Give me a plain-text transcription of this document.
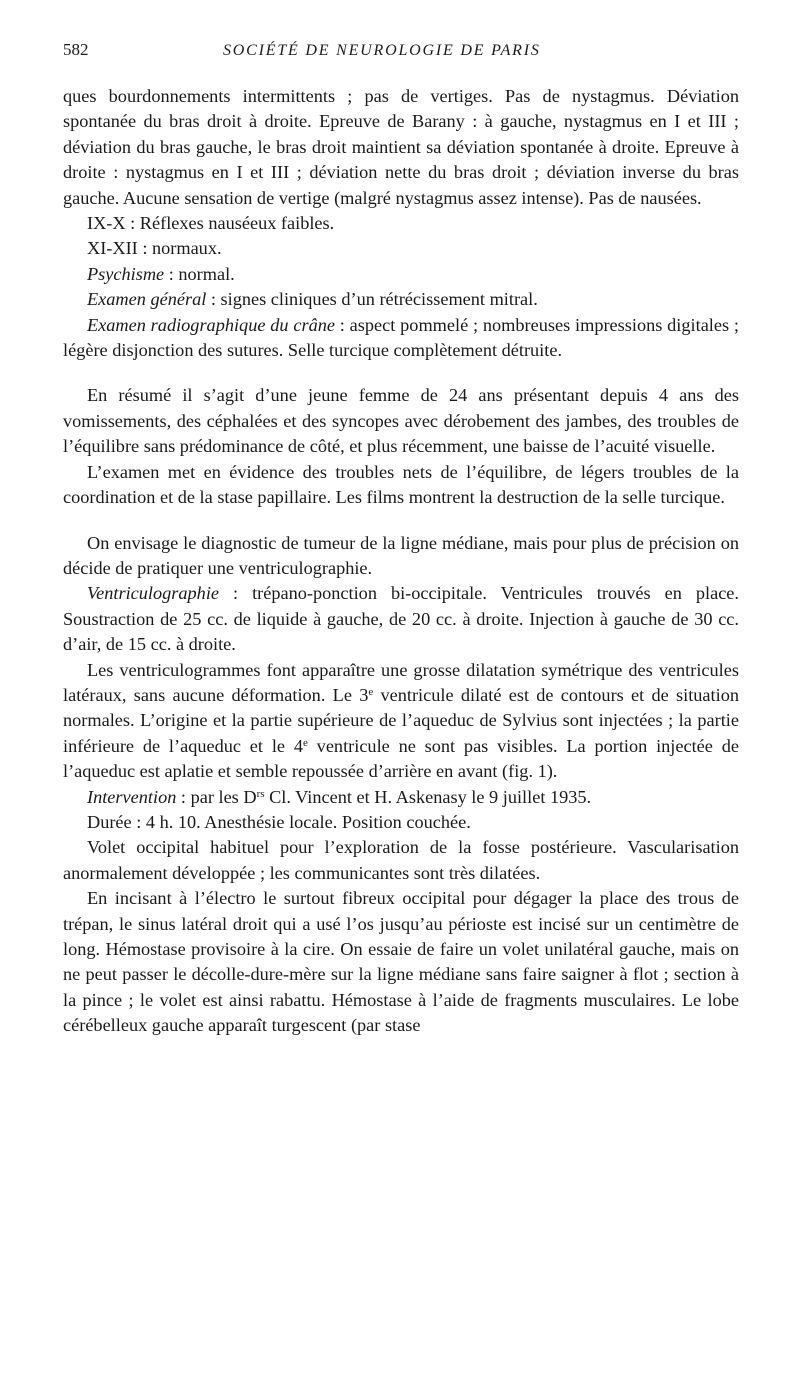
582	SOCIÉTÉ DE NEUROLOGIE DE PARIS

ques bourdonnements intermittents ; pas de vertiges. Pas de nystagmus. Déviation spontanée du bras droit à droite. Epreuve de Barany : à gauche, nystagmus en I et III ; déviation du bras gauche, le bras droit maintient sa déviation spontanée à droite. Epreuve à droite : nystagmus en I et III ; déviation nette du bras droit ; déviation inverse du bras gauche. Aucune sensation de vertige (malgré nystagmus assez intense). Pas de nausées.

IX-X : Réflexes nauséeux faibles.

XI-XII : normaux.

Psychisme : normal.

Examen général : signes cliniques d’un rétrécissement mitral.

Examen radiographique du crâne : aspect pommelé ; nombreuses impressions digitales ; légère disjonction des sutures. Selle turcique complètement détruite.

En résumé il s’agit d’une jeune femme de 24 ans présentant depuis 4 ans des vomissements, des céphalées et des syncopes avec dérobement des jambes, des troubles de l’équilibre sans prédominance de côté, et plus récemment, une baisse de l’acuité visuelle.

L’examen met en évidence des troubles nets de l’équilibre, de légers troubles de la coordination et de la stase papillaire. Les films montrent la destruction de la selle turcique.

On envisage le diagnostic de tumeur de la ligne médiane, mais pour plus de précision on décide de pratiquer une ventriculographie.

Ventriculographie : trépano-ponction bi-occipitale. Ventricules trouvés en place. Soustraction de 25 cc. de liquide à gauche, de 20 cc. à droite. Injection à gauche de 30 cc. d’air, de 15 cc. à droite.

Les ventriculogrammes font apparaître une grosse dilatation symétrique des ventricules latéraux, sans aucune déformation. Le 3e ventricule dilaté est de contours et de situation normales. L’origine et la partie supérieure de l’aqueduc de Sylvius sont injectées ; la partie inférieure de l’aqueduc et le 4e ventricule ne sont pas visibles. La portion injectée de l’aqueduc est aplatie et semble repoussée d’arrière en avant (fig. 1).

Intervention : par les $D^{rs}$ Cl. Vincent et H. Askenasy le 9 juillet 1935.

Durée : 4 h. 10. Anesthésie locale. Position couchée.

Volet occipital habituel pour l’exploration de la fosse postérieure. Vascularisation anormalement développée ; les communicantes sont très dilatées.

En incisant à l’électro le surtout fibreux occipital pour dégager la place des trous de trépan, le sinus latéral droit qui a usé l’os jusqu’au périoste est incisé sur un centimètre de long. Hémostase provisoire à la cire. On essaie de faire un volet unilatéral gauche, mais on ne peut passer le décolle-dure-mère sur la ligne médiane sans faire saigner à flot ; section à la pince ; le volet est ainsi rabattu. Hémostase à l’aide de fragments musculaires. Le lobe cérébelleux gauche apparaît turgescent (par stase
